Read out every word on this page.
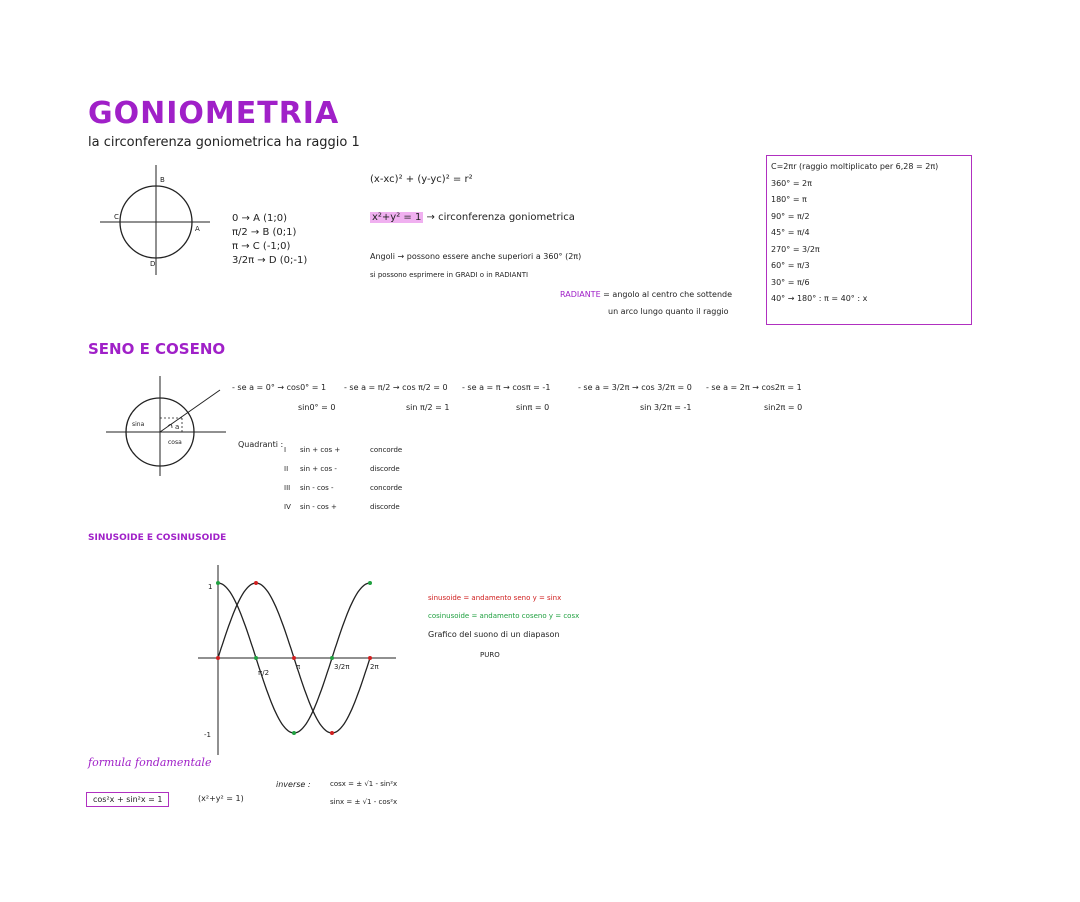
GONIOMETRIA
la circonferenza goniometrica ha raggio 1
B
A
C
D
0 → A (1;0)
π/2 → B (0;1)
π → C (-1;0)
3/2π → D (0;-1)
(x-xc)² + (y-yc)² = r²
x²+y² = 1 → circonferenza goniometrica
Angoli → possono essere anche superiori a 360° (2π)
si possono esprimere in GRADI o in RADIANTI
RADIANTE = angolo al centro che sottende
un arco lungo quanto il raggio
C=2πr (raggio moltiplicato per 6,28 = 2π)
360° = 2π
180° = π
90° = π/2
45° = π/4
270° = 3/2π
60° = π/3
30° = π/6
40° → 180° : π = 40° : x
SENO E COSENO
sina
cosa
a
- se a = 0° → cos0° = 1 - se a = π/2 → cos π/2 = 0 - se a = π → cosπ = -1	- se a = 3/2π → cos 3/2π = 0 - se a = 2π → cos2π = 1
sin0° = 0	sin π/2 = 1	sinπ = 0	sin 3/2π = -1	sin2π = 0
Quadranti :
I sin + cos +	concorde
II sin + cos -	discorde
III sin - cos -	concorde
IV sin - cos +	discorde
SINUSOIDE E COSINUSOIDE
1
-1
π/2
π	3/2π	2π
sinusoide = andamento seno y = sinx
cosinusoide = andamento coseno y = cosx
Grafico del suono di un diapason
PURO
formula fondamentale
cos²x + sin²x = 1	(x²+y² = 1)
inverse :	cosx = ± √1 - sin²x
sinx = ± √1 - cos²x
